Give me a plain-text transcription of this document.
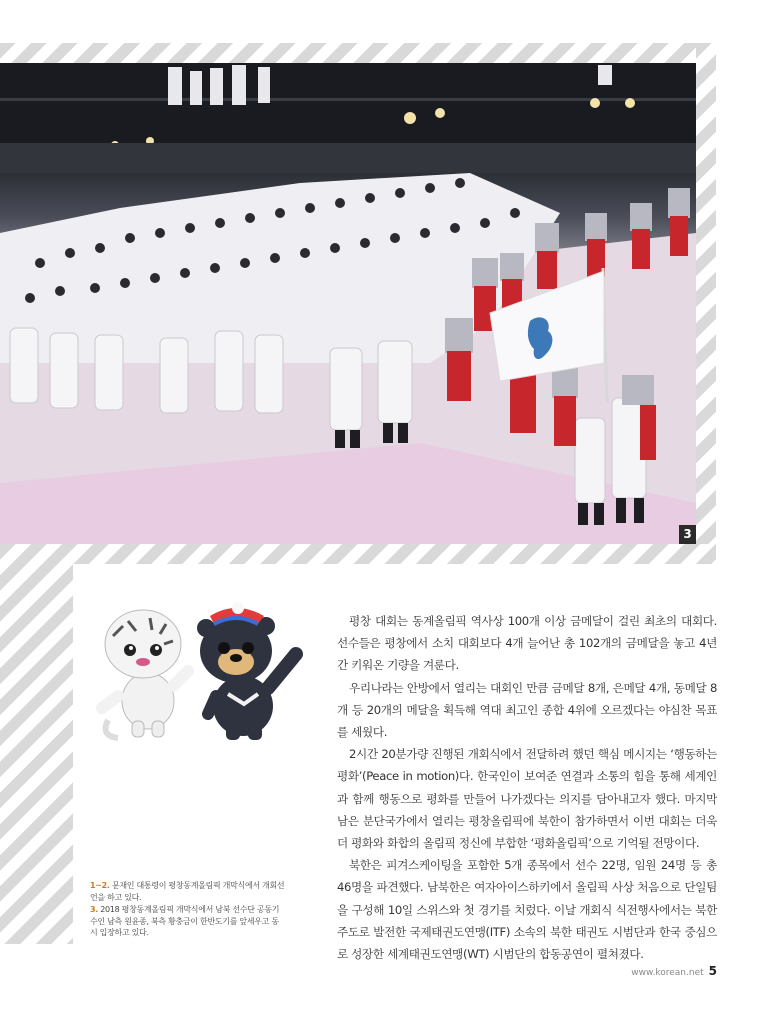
3

1~2. 문재인 대통령이 평창동계올림픽 개막식에서 개회선언을 하고 있다.

3. 2018 평창동계올림픽 개막식에서 남북 선수단 공동기수인 남측 원윤종, 북측 황충금이 한반도기를 앞세우고 동시 입장하고 있다.

평창 대회는 동계올림픽 역사상 100개 이상 금메달이 걸린 최초의 대회다. 선수들은 평창에서 소치 대회보다 4개 늘어난 총 102개의 금메달을 놓고 4년간 키워온 기량을 겨룬다.

우리나라는 안방에서 열리는 대회인 만큼 금메달 8개, 은메달 4개, 동메달 8개 등 20개의 메달을 획득해 역대 최고인 종합 4위에 오르겠다는 야심찬 목표를 세웠다.

2시간 20분가량 진행된 개회식에서 전달하려 했던 핵심 메시지는 ‘행동하는 평화’(Peace in motion)다. 한국인이 보여준 연결과 소통의 힘을 통해 세계인과 함께 행동으로 평화를 만들어 나가겠다는 의지를 담아내고자 했다. 마지막 남은 분단국가에서 열리는 평창올림픽에 북한이 참가하면서 이번 대회는 더욱더 평화와 화합의 올림픽 정신에 부합한 ‘평화올림픽’으로 기억될 전망이다.

북한은 피겨스케이팅을 포함한 5개 종목에서 선수 22명, 임원 24명 등 총 46명을 파견했다. 남북한은 여자아이스하키에서 올림픽 사상 처음으로 단일팀을 구성해 10일 스위스와 첫 경기를 치렀다. 이날 개회식 식전행사에서는 북한 주도로 발전한 국제태권도연맹(ITF) 소속의 북한 태권도 시범단과 한국 중심으로 성장한 세계태권도연맹(WT) 시범단의 합동공연이 펼쳐졌다.

www.korean.net 5
